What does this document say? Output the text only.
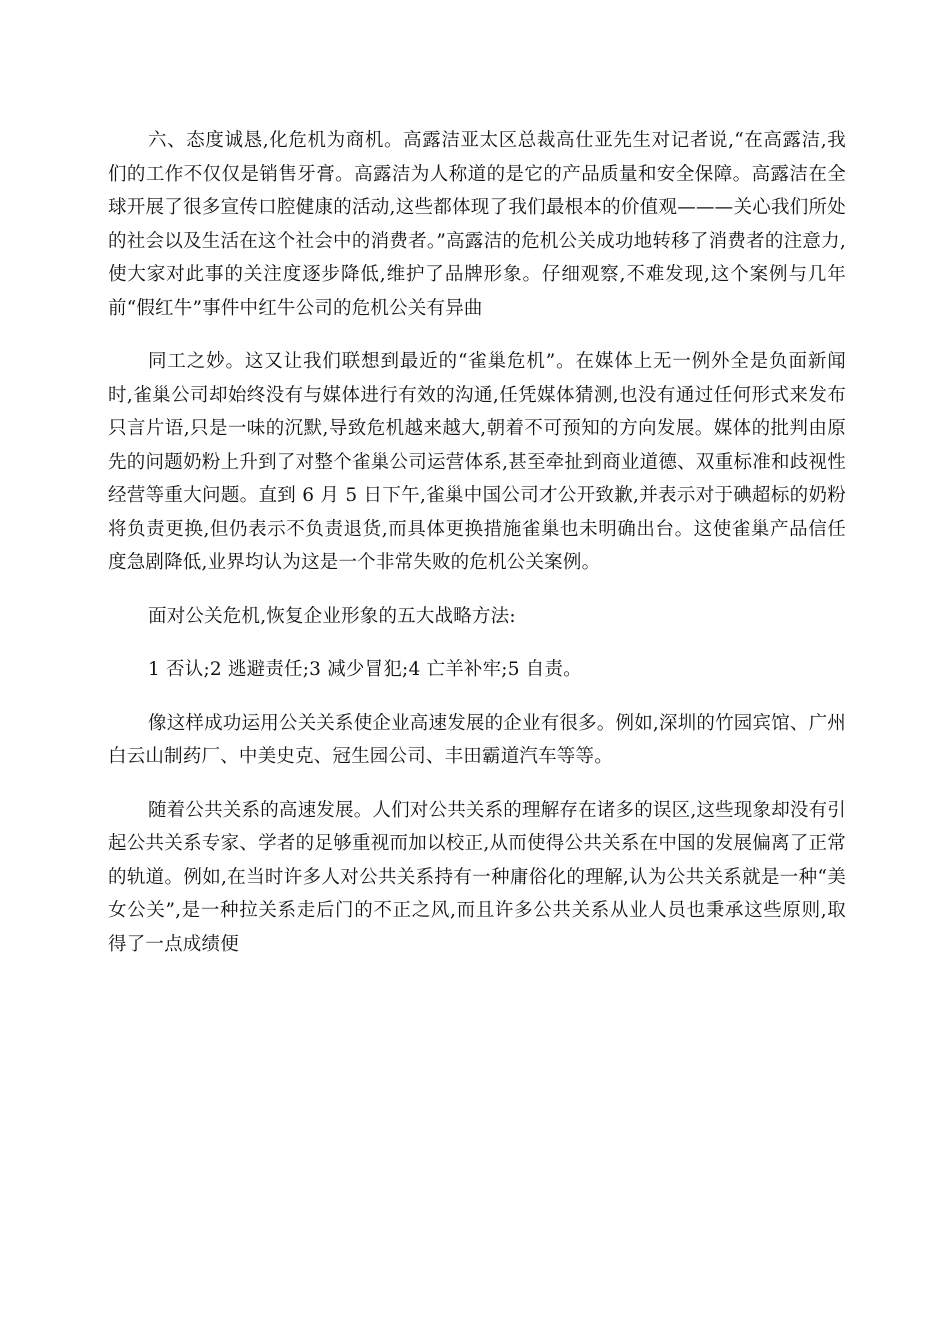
六、态度诚恳,化危机为商机。高露洁亚太区总裁高仕亚先生对记者说,“在高露洁,我们的工作不仅仅是销售牙膏。高露洁为人称道的是它的产品质量和安全保障。高露洁在全球开展了很多宣传口腔健康的活动,这些都体现了我们最根本的价值观———关心我们所处的社会以及生活在这个社会中的消费者。”高露洁的危机公关成功地转移了消费者的注意力,使大家对此事的关注度逐步降低,维护了品牌形象。仔细观察,不难发现,这个案例与几年前“假红牛”事件中红牛公司的危机公关有异曲

同工之妙。这又让我们联想到最近的“雀巢危机”。在媒体上无一例外全是负面新闻时,雀巢公司却始终没有与媒体进行有效的沟通,任凭媒体猜测,也没有通过任何形式来发布只言片语,只是一味的沉默,导致危机越来越大,朝着不可预知的方向发展。媒体的批判由原先的问题奶粉上升到了对整个雀巢公司运营体系,甚至牵扯到商业道德、双重标准和歧视性经营等重大问题。直到 6 月 5 日下午,雀巢中国公司才公开致歉,并表示对于碘超标的奶粉将负责更换,但仍表示不负责退货,而具体更换措施雀巢也未明确出台。这使雀巢产品信任度急剧降低,业界均认为这是一个非常失败的危机公关案例。

面对公关危机,恢复企业形象的五大战略方法:

1 否认;2 逃避责任;3 减少冒犯;4 亡羊补牢;5 自责。

像这样成功运用公关关系使企业高速发展的企业有很多。例如,深圳的竹园宾馆、广州白云山制药厂、中美史克、冠生园公司、丰田霸道汽车等等。

随着公共关系的高速发展。人们对公共关系的理解存在诸多的误区,这些现象却没有引起公共关系专家、学者的足够重视而加以校正,从而使得公共关系在中国的发展偏离了正常的轨道。例如,在当时许多人对公共关系持有一种庸俗化的理解,认为公共关系就是一种“美女公关”,是一种拉关系走后门的不正之风,而且许多公共关系从业人员也秉承这些原则,取得了一点成绩便
